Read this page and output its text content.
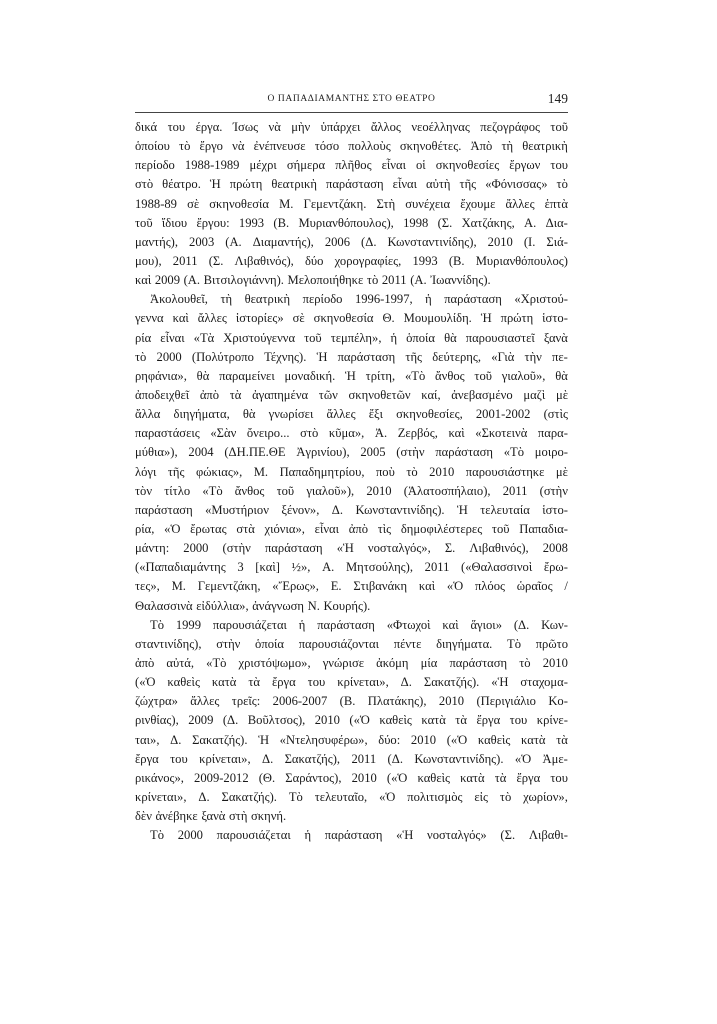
Ο ΠΑΠΑΔΙΑΜΑΝΤΗΣ ΣΤΟ ΘΕΑΤΡΟ	149
δικά του έργα. Ίσως νὰ μὴν ὑπάρχει ἄλλος νεοέλληνας πεζογράφος τοῦ
ὁποίου τὸ ἔργο νὰ ἐνέπνευσε τόσο πολλοὺς σκηνοθέτες. Ἀπὸ τὴ θεατρικὴ
περίοδο 1988-1989 μέχρι σήμερα πλῆθος εἶναι οἱ σκηνοθεσίες ἔργων του
στὸ θέατρο. Ἡ πρώτη θεατρικὴ παράσταση εἶναι αὐτὴ τῆς «Φόνισσας» τὸ
1988-89 σὲ σκηνοθεσία Μ. Γεμεντζάκη. Στὴ συνέχεια ἔχουμε ἄλλες ἑπτὰ
τοῦ ἴδιου ἔργου: 1993 (Β. Μυριανθόπουλος), 1998 (Σ. Χατζάκης, Α. Δια-
μαντής), 2003 (Α. Διαμαντής), 2006 (Δ. Κωνσταντινίδης), 2010 (Ι. Σιά-
μου), 2011 (Σ. Λιβαθινός), δύο χορογραφίες, 1993 (Β. Μυριανθόπουλος)
καὶ 2009 (Α. Βιτσιλογιάννη). Μελοποιήθηκε τὸ 2011 (Α. Ἰωαννίδης).
Ἀκολουθεῖ, τὴ θεατρικὴ περίοδο 1996-1997, ἡ παράσταση «Χριστού-
γεννα καὶ ἄλλες ἱστορίες» σὲ σκηνοθεσία Θ. Μουμουλίδη. Ἡ πρώτη ἱστο-
ρία εἶναι «Τὰ Χριστούγεννα τοῦ τεμπέλη», ἡ ὁποία θὰ παρουσιαστεῖ ξανὰ
τὸ 2000 (Πολύτροπο Τέχνης). Ἡ παράσταση τῆς δεύτερης, «Γιὰ τὴν πε-
ρηφάνια», θὰ παραμείνει μοναδική. Ἡ τρίτη, «Τὸ ἄνθος τοῦ γιαλοῦ», θὰ
ἀποδειχθεῖ ἀπὸ τὰ ἀγαπημένα τῶν σκηνοθετῶν καί, ἀνεβασμένο μαζὶ μὲ
ἄλλα διηγήματα, θὰ γνωρίσει ἄλλες ἔξι σκηνοθεσίες, 2001-2002 (στὶς
παραστάσεις «Σὰν ὄνειρο... στὸ κῦμα», Ἀ. Ζερβός, καὶ «Σκοτεινὰ παρα-
μύθια»), 2004 (ΔΗ.ΠΕ.ΘΕ Ἀγρινίου), 2005 (στὴν παράσταση «Τὸ μοιρο-
λόγι τῆς φώκιας», Μ. Παπαδημητρίου, ποὺ τὸ 2010 παρουσιάστηκε μὲ
τὸν τίτλο «Τὸ ἄνθος τοῦ γιαλοῦ»), 2010 (Ἁλατοσπήλαιο), 2011 (στὴν
παράσταση «Μυστήριον ξένον», Δ. Κωνσταντινίδης). Ἡ τελευταία ἱστο-
ρία, «Ὁ ἔρωτας στὰ χιόνια», εἶναι ἀπὸ τὶς δημοφιλέστερες τοῦ Παπαδια-
μάντη: 2000 (στὴν παράσταση «Ἡ νοσταλγός», Σ. Λιβαθινός), 2008
(«Παπαδιαμάντης 3 [καὶ] ½», Α. Μητσούλης), 2011 («Θαλασσινοὶ ἔρω-
τες», Μ. Γεμεντζάκη, «Ἔρως», Ε. Στιβανάκη καὶ «Ὁ πλόος ὡραῖος /
Θαλασσινὰ εἰδύλλια», ἀνάγνωση Ν. Κουρής).
Τὸ 1999 παρουσιάζεται ἡ παράσταση «Φτωχοὶ καὶ ἅγιοι» (Δ. Κων-
σταντινίδης), στὴν ὁποία παρουσιάζονται πέντε διηγήματα. Τὸ πρῶτο
ἀπὸ αὐτά, «Τὸ χριστόψωμο», γνώρισε ἀκόμη μία παράσταση τὸ 2010
(«Ὁ καθεὶς κατὰ τὰ ἔργα του κρίνεται», Δ. Σακατζής). «Ἡ σταχομα-
ζώχτρα» ἄλλες τρεῖς: 2006-2007 (Β. Πλατάκης), 2010 (Περιγιάλιο Κο-
ρινθίας), 2009 (Δ. Βοῦλτσος), 2010 («Ὁ καθεὶς κατὰ τὰ ἔργα του κρίνε-
ται», Δ. Σακατζής). Ἡ «Ντελησυφέρω», δύο: 2010 («Ὁ καθεὶς κατὰ τὰ
ἔργα του κρίνεται», Δ. Σακατζής), 2011 (Δ. Κωνσταντινίδης). «Ὁ Ἀμε-
ρικάνος», 2009-2012 (Θ. Σαράντος), 2010 («Ὁ καθεὶς κατὰ τὰ ἔργα του
κρίνεται», Δ. Σακατζής). Τὸ τελευταῖο, «Ὁ πολιτισμὸς εἰς τὸ χωρίον»,
δὲν ἀνέβηκε ξανὰ στὴ σκηνή.
Τὸ 2000 παρουσιάζεται ἡ παράσταση «Ἡ νοσταλγός» (Σ. Λιβαθι-
